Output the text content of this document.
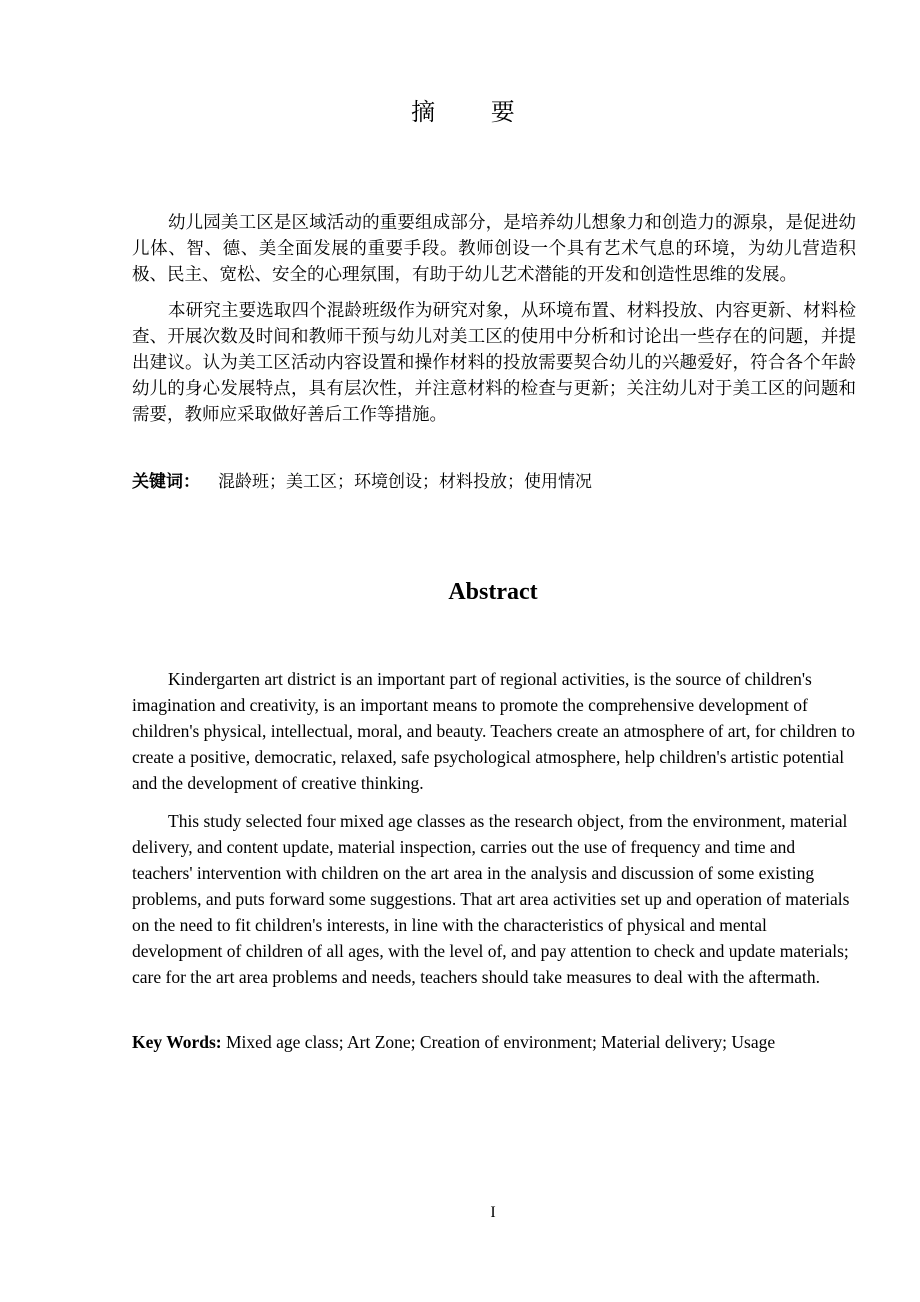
摘 要

幼儿园美工区是区域活动的重要组成部分，是培养幼儿想象力和创造力的源泉，是促进幼儿体、智、德、美全面发展的重要手段。教师创设一个具有艺术气息的环境，为幼儿营造积极、民主、宽松、安全的心理氛围，有助于幼儿艺术潜能的开发和创造性思维的发展。

本研究主要选取四个混龄班级作为研究对象，从环境布置、材料投放、内容更新、材料检查、开展次数及时间和教师干预与幼儿对美工区的使用中分析和讨论出一些存在的问题，并提出建议。认为美工区活动内容设置和操作材料的投放需要契合幼儿的兴趣爱好，符合各个年龄幼儿的身心发展特点，具有层次性，并注意材料的检查与更新；关注幼儿对于美工区的问题和需要，教师应采取做好善后工作等措施。

关键词： 混龄班；美工区；环境创设；材料投放；使用情况
Abstract

Kindergarten art district is an important part of regional activities, is the source of children's imagination and creativity, is an important means to promote the comprehensive development of children's physical, intellectual, moral, and beauty. Teachers create an atmosphere of art, for children to create a positive, democratic, relaxed, safe psychological atmosphere, help children's artistic potential and the development of creative thinking.

This study selected four mixed age classes as the research object, from the environment, material delivery, and content update, material inspection, carries out the use of frequency and time and teachers' intervention with children on the art area in the analysis and discussion of some existing problems, and puts forward some suggestions. That art area activities set up and operation of materials on the need to fit children's interests, in line with the characteristics of physical and mental development of children of all ages, with the level of, and pay attention to check and update materials; care for the art area problems and needs, teachers should take measures to deal with the aftermath.

Key Words: Mixed age class; Art Zone; Creation of environment; Material delivery; Usage
I
